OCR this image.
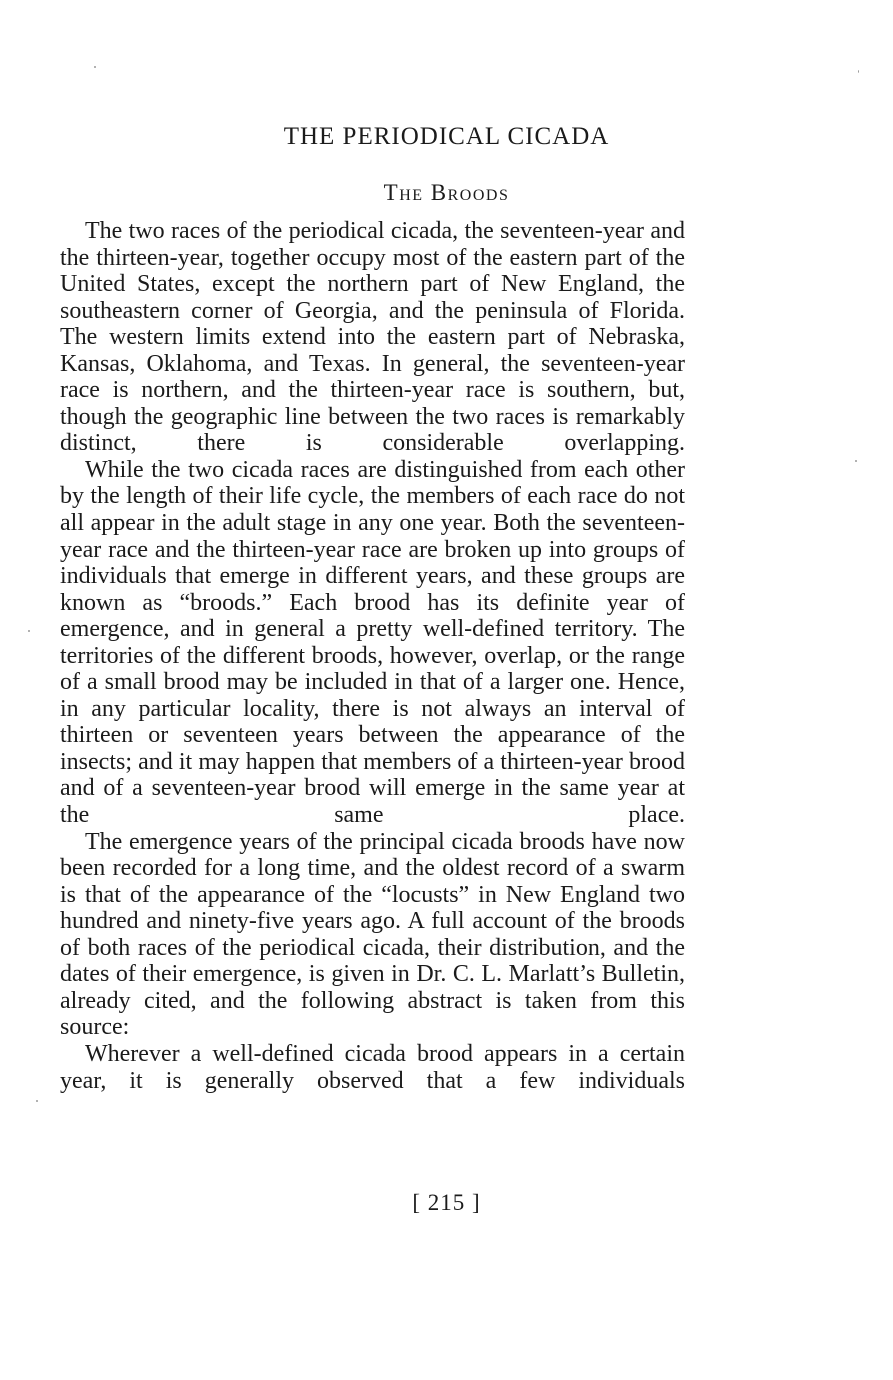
THE PERIODICAL CICADA
The Broods

The two races of the periodical cicada, the seventeen-year and the thirteen-year, together occupy most of the eastern part of the United States, except the northern part of New England, the southeastern corner of Georgia, and the peninsula of Florida. The western limits extend into the eastern part of Nebraska, Kansas, Oklahoma, and Texas. In general, the seventeen-year race is northern, and the thirteen-year race is southern, but, though the geographic line between the two races is remarkably distinct, there is considerable overlapping.

While the two cicada races are distinguished from each other by the length of their life cycle, the members of each race do not all appear in the adult stage in any one year. Both the seventeen-year race and the thirteen-year race are broken up into groups of individuals that emerge in different years, and these groups are known as “broods.” Each brood has its definite year of emergence, and in general a pretty well-defined territory. The territories of the different broods, however, overlap, or the range of a small brood may be included in that of a larger one. Hence, in any particular locality, there is not always an interval of thirteen or seventeen years between the appearance of the insects; and it may happen that members of a thirteen-year brood and of a seventeen-year brood will emerge in the same year at the same place.

The emergence years of the principal cicada broods have now been recorded for a long time, and the oldest record of a swarm is that of the appearance of the “locusts” in New England two hundred and ninety-five years ago. A full account of the broods of both races of the periodical cicada, their distribution, and the dates of their emergence, is given in Dr. C. L. Marlatt’s Bulletin, already cited, and the following abstract is taken from this source:

Wherever a well-defined cicada brood appears in a certain year, it is generally observed that a few individuals

[ 215 ]
